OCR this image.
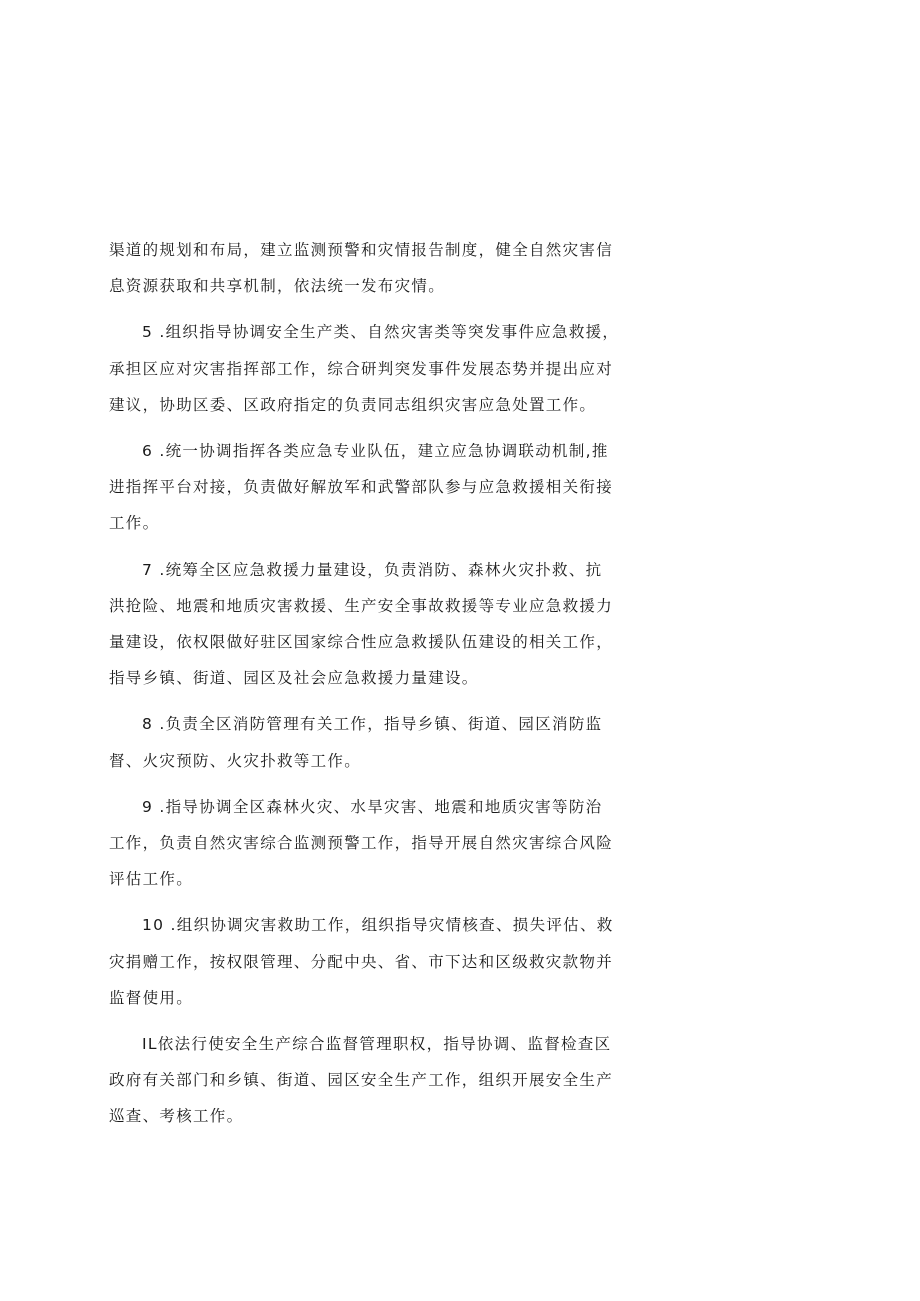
渠道的规划和布局，建立监测预警和灾情报告制度，健全自然灾害信
息资源获取和共享机制，依法统一发布灾情。

5 .组织指导协调安全生产类、自然灾害类等突发事件应急救援，
承担区应对灾害指挥部工作，综合研判突发事件发展态势并提出应对
建议，协助区委、区政府指定的负责同志组织灾害应急处置工作。

6 .统一协调指挥各类应急专业队伍，建立应急协调联动机制,推
进指挥平台对接，负责做好解放军和武警部队参与应急救援相关衔接
工作。

7 .统筹全区应急救援力量建设，负责消防、森林火灾扑救、抗
洪抢险、地震和地质灾害救援、生产安全事故救援等专业应急救援力
量建设，依权限做好驻区国家综合性应急救援队伍建设的相关工作，
指导乡镇、街道、园区及社会应急救援力量建设。

8 .负责全区消防管理有关工作，指导乡镇、街道、园区消防监
督、火灾预防、火灾扑救等工作。

9 .指导协调全区森林火灾、水旱灾害、地震和地质灾害等防治
工作，负责自然灾害综合监测预警工作，指导开展自然灾害综合风险
评估工作。

10 .组织协调灾害救助工作，组织指导灾情核查、损失评估、救
灾捐赠工作，按权限管理、分配中央、省、市下达和区级救灾款物并
监督使用。

IL依法行使安全生产综合监督管理职权，指导协调、监督检查区
政府有关部门和乡镇、街道、园区安全生产工作，组织开展安全生产
巡查、考核工作。
